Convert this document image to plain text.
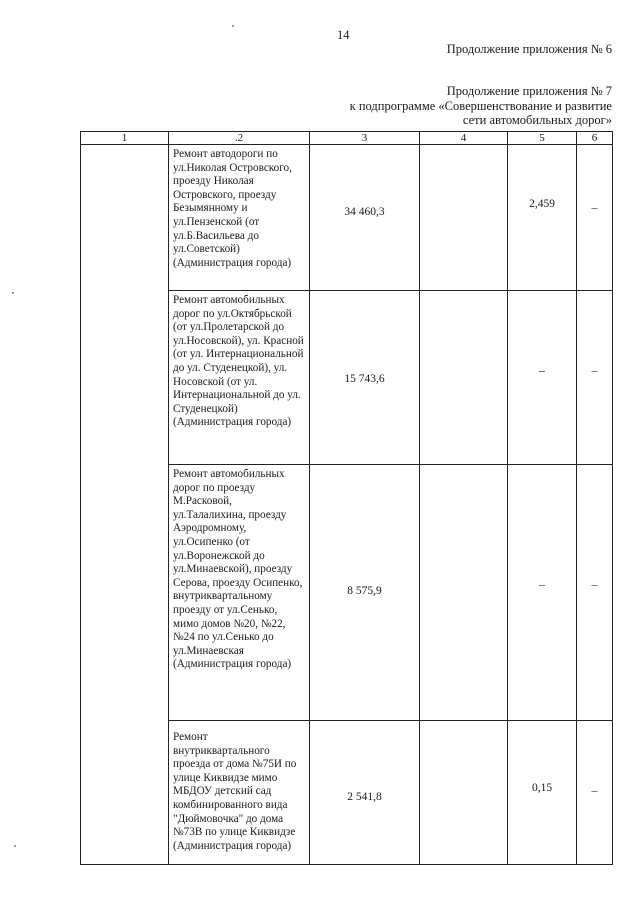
14
Продолжение приложения № 6
Продолжение приложения № 7
к подпрограмме «Совершенствование и развитие
сети автомобильных дорог»
1	.2	3	4	5	6
	Ремонт автодороги по ул.Николая Островского, проезду Николая Островского, проезду Безымянному и ул.Пензенской (от ул.Б.Васильева до ул.Советской) (Администрация города)	34 460,3		2,459	–

	Ремонт автомобильных дорог по ул.Октябрьской (от ул.Пролетарской до ул.Носовской), ул. Красной (от ул. Интернациональной до ул. Студенецкой), ул. Носовской (от ул. Интернациональной до ул. Студенецкой) (Администрация города)	15 743,6		–	–

	Ремонт автомобильных дорог по проезду М.Расковой, ул.Талалихина, проезду Аэродромному, ул.Осипенко (от ул.Воронежской до ул.Минаевской), проезду Серова, проезду Осипенко, внутриквартальному проезду от ул.Сенько, мимо домов №20, №22, №24 по ул.Сенько до ул.Минаевская (Администрация города)	8 575,9		–	–

	Ремонт внутриквартального проезда от дома №75И по улице Киквидзе мимо МБДОУ детский сад комбинированного вида "Дюймовочка" до дома №73В по улице Киквидзе (Администрация города)	2 541,8		0,15	–
